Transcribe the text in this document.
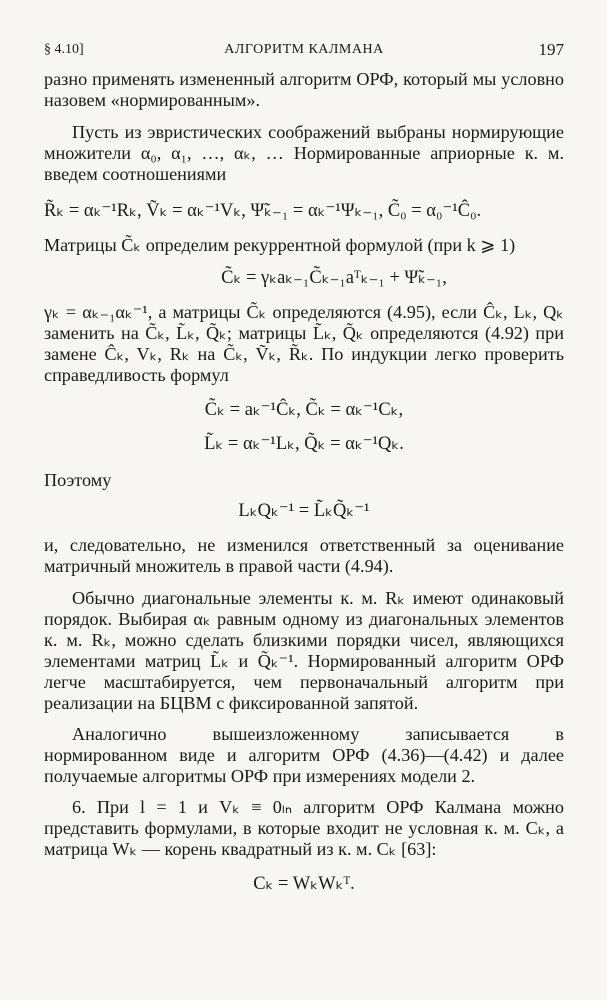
§ 4.10]	АЛГОРИТМ КАЛМАНА	197

разно применять измененный алгоритм ОРФ, который мы условно назовем «нормированным».

Пусть из эвристических соображений выбраны нормирующие множители α₀, α₁, …, αₖ, … Нормированные априорные к. м. введем соотношениями

R̃ₖ = αₖ⁻¹Rₖ, Ṽₖ = αₖ⁻¹Vₖ, Ψ̃ₖ₋₁ = αₖ⁻¹Ψₖ₋₁, C̃₀ = α₀⁻¹Ĉ₀.

Матрицы C̃ₖ определим рекуррентной формулой (при k ⩾ 1)

C̃ₖ = γₖaₖ₋₁C̃ₖ₋₁aᵀₖ₋₁ + Ψ̃ₖ₋₁,

γₖ = αₖ₋₁αₖ⁻¹, а матрицы C̃ₖ определяются (4.95), если Ĉₖ, Lₖ, Qₖ заменить на C̃ₖ, L̃ₖ, Q̃ₖ; матрицы L̃ₖ, Q̃ₖ определяются (4.92) при замене Ĉₖ, Vₖ, Rₖ на C̃ₖ, Ṽₖ, R̃ₖ. По индукции легко проверить справедливость формул

C̃ₖ = aₖ⁻¹Ĉₖ, C̃ₖ = αₖ⁻¹Cₖ,
L̃ₖ = αₖ⁻¹Lₖ, Q̃ₖ = αₖ⁻¹Qₖ.

Поэтому

LₖQₖ⁻¹ = L̃ₖQ̃ₖ⁻¹

и, следовательно, не изменился ответственный за оценивание матричный множитель в правой части (4.94).

Обычно диагональные элементы к. м. Rₖ имеют одинаковый порядок. Выбирая αₖ равным одному из диагональных элементов к. м. Rₖ, можно сделать близкими порядки чисел, являющихся элементами матриц L̃ₖ и Q̃ₖ⁻¹. Нормированный алгоритм ОРФ легче масштабируется, чем первоначальный алгоритм при реализации на БЦВМ с фиксированной запятой.

Аналогично вышеизложенному записывается в нормированном виде и алгоритм ОРФ (4.36)—(4.42) и далее получаемые алгоритмы ОРФ при измерениях модели 2.

6. При l = 1 и Vₖ ≡ 0ₗₙ алгоритм ОРФ Калмана можно представить формулами, в которые входит не условная к. м. Cₖ, а матрица Wₖ — корень квадратный из к. м. Cₖ [63]:

Cₖ = WₖWₖᵀ.
